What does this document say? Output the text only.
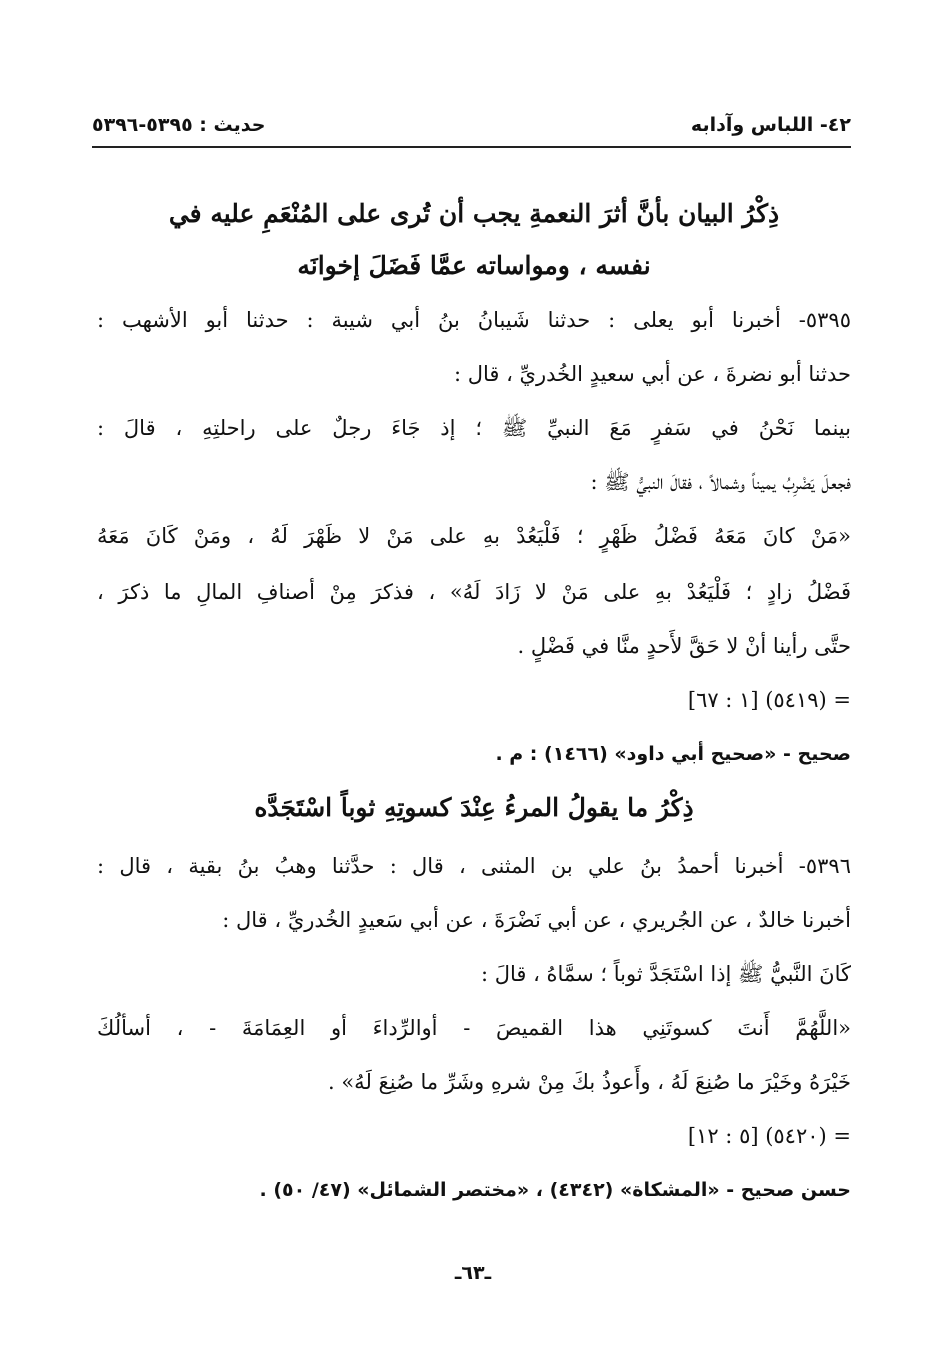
٤٢- اللباس وآدابه
حديث : ٥٣٩٥-٥٣٩٦
ذِكْرُ البيان بأنَّ أثرَ النعمةِ يجب أن تُرى على المُنْعَمِ عليه في
نفسه ، ومواساته عمَّا فَضَلَ إخوانَه
٥٣٩٥- أخبرنا أبو يعلى : حدثنا شَيبانُ بنُ أبي شيبة : حدثنا أبو الأشهب :
حدثنا أبو نضرةَ ، عن أبي سعيدٍ الخُدريِّ ، قال :
بينما نَحْنُ في سَفرٍ مَعَ النبيِّ ﷺ ؛ إذ جَاءَ رجلٌ على راحلتِهِ ، قالَ :
فجعلَ يَضْرِبُ يميناً وشمالاً ، فقالَ النبيُّ ﷺ :
«مَنْ كانَ مَعَهُ فَضْلُ ظَهْرٍ ؛ فَلْيَعُدْ بهِ على مَنْ لا ظَهْرَ لَهُ ، ومَنْ كَانَ مَعَهُ
فَضْلُ زادٍ ؛ فَلْيَعُدْ بهِ على مَنْ لا زَادَ لَهُ» ، فذكرَ مِنْ أصنافِ المالِ ما ذكرَ ،
حتَّى رأينا أنْ لا حَقَّ لأَحدٍ منَّا في فَضْلٍ .
= (٥٤١٩) [١ : ٦٧]
صحيح - «صحيح أبي داود» (١٤٦٦) : م .
ذِكْرُ ما يقولُ المرءُ عِنْدَ كسوتِهِ ثوباً اسْتَجَدَّه
٥٣٩٦- أخبرنا أحمدُ بنُ علي بن المثنى ، قال : حدَّثنا وهبُ بنُ بقية ، قال :
أخبرنا خالدٌ ، عن الجُريري ، عن أبي نَضْرَةَ ، عن أبي سَعيدٍ الخُدريِّ ، قال :
كَانَ النَّبيُّ ﷺ إذا اسْتَجَدَّ ثوباً ؛ سمَّاهُ ، قالَ :
«اللَّهُمَّ أَنتَ كسوتَنِي هذا القميصَ - أوالرِّداءَ أو العِمَامَةَ - ، أسألُكَ
خَيْرَهُ وخَيْرَ ما صُنِعَ لَهُ ، وأَعوذُ بكَ مِنْ شرهِ وشَرِّ ما صُنِعَ لَهُ» .
= (٥٤٢٠) [٥ : ١٢]
حسن صحيح - «المشكاة» (٤٣٤٢) ، «مختصر الشمائل» (٤٧/ ٥٠) .
ـ٦٣ـ
